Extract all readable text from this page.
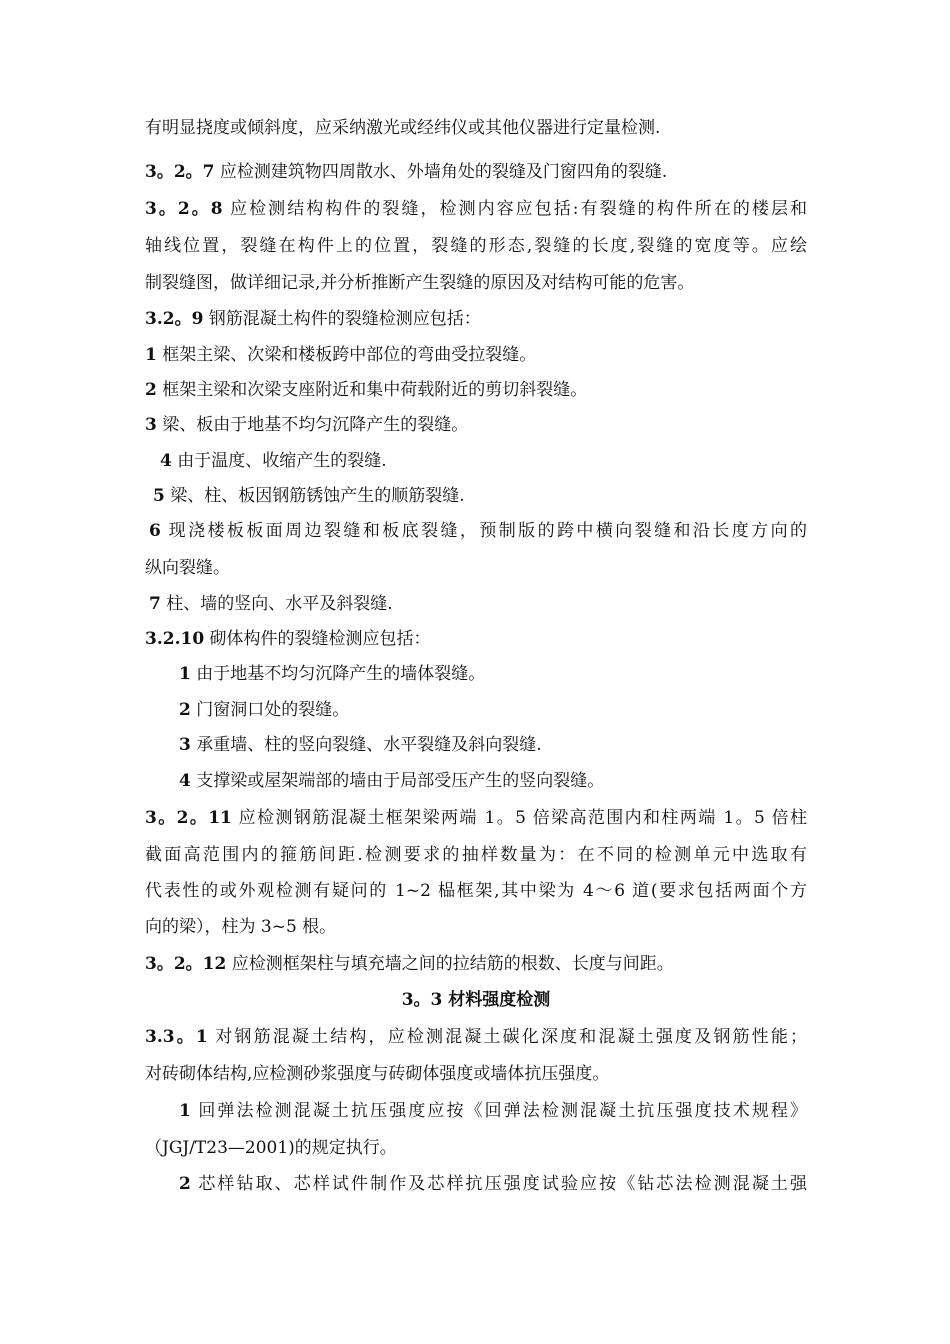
有明显挠度或倾斜度，应采纳激光或经纬仪或其他仪器进行定量检测.
3。2。7 应检测建筑物四周散水、外墙角处的裂缝及门窗四角的裂缝.
3。2。8 应检测结构构件的裂缝，检测内容应包括:有裂缝的构件所在的楼层和
轴线位置，裂缝在构件上的位置，裂缝的形态,裂缝的长度,裂缝的宽度等。应绘
制裂缝图，做详细记录,并分析推断产生裂缝的原因及对结构可能的危害。
3.2。9 钢筋混凝土构件的裂缝检测应包括：
1 框架主梁、次梁和楼板跨中部位的弯曲受拉裂缝。
2 框架主梁和次梁支座附近和集中荷载附近的剪切斜裂缝。
3 梁、板由于地基不均匀沉降产生的裂缝。
4 由于温度、收缩产生的裂缝.
5 梁、柱、板因钢筋锈蚀产生的顺筋裂缝.
6 现浇楼板板面周边裂缝和板底裂缝，预制版的跨中横向裂缝和沿长度方向的
纵向裂缝。
7 柱、墙的竖向、水平及斜裂缝.
3.2.10 砌体构件的裂缝检测应包括：
1 由于地基不均匀沉降产生的墙体裂缝。
2 门窗洞口处的裂缝。
3 承重墙、柱的竖向裂缝、水平裂缝及斜向裂缝.
4 支撑梁或屋架端部的墙由于局部受压产生的竖向裂缝。
3。2。11 应检测钢筋混凝土框架梁两端 1。5 倍梁高范围内和柱两端 1。5 倍柱
截面高范围内的箍筋间距.检测要求的抽样数量为：在不同的检测单元中选取有
代表性的或外观检测有疑问的 1~2 榀框架,其中梁为 4～6 道(要求包括两面个方
向的梁），柱为 3~5 根。
3。2。12 应检测框架柱与填充墙之间的拉结筋的根数、长度与间距。
3。3 材料强度检测
3.3。1 对钢筋混凝土结构，应检测混凝土碳化深度和混凝土强度及钢筋性能；
对砖砌体结构,应检测砂浆强度与砖砌体强度或墙体抗压强度。
1 回弹法检测混凝土抗压强度应按《回弹法检测混凝土抗压强度技术规程》
（JGJ/T23—2001)的规定执行。
2 芯样钻取、芯样试件制作及芯样抗压强度试验应按《钻芯法检测混凝土强
